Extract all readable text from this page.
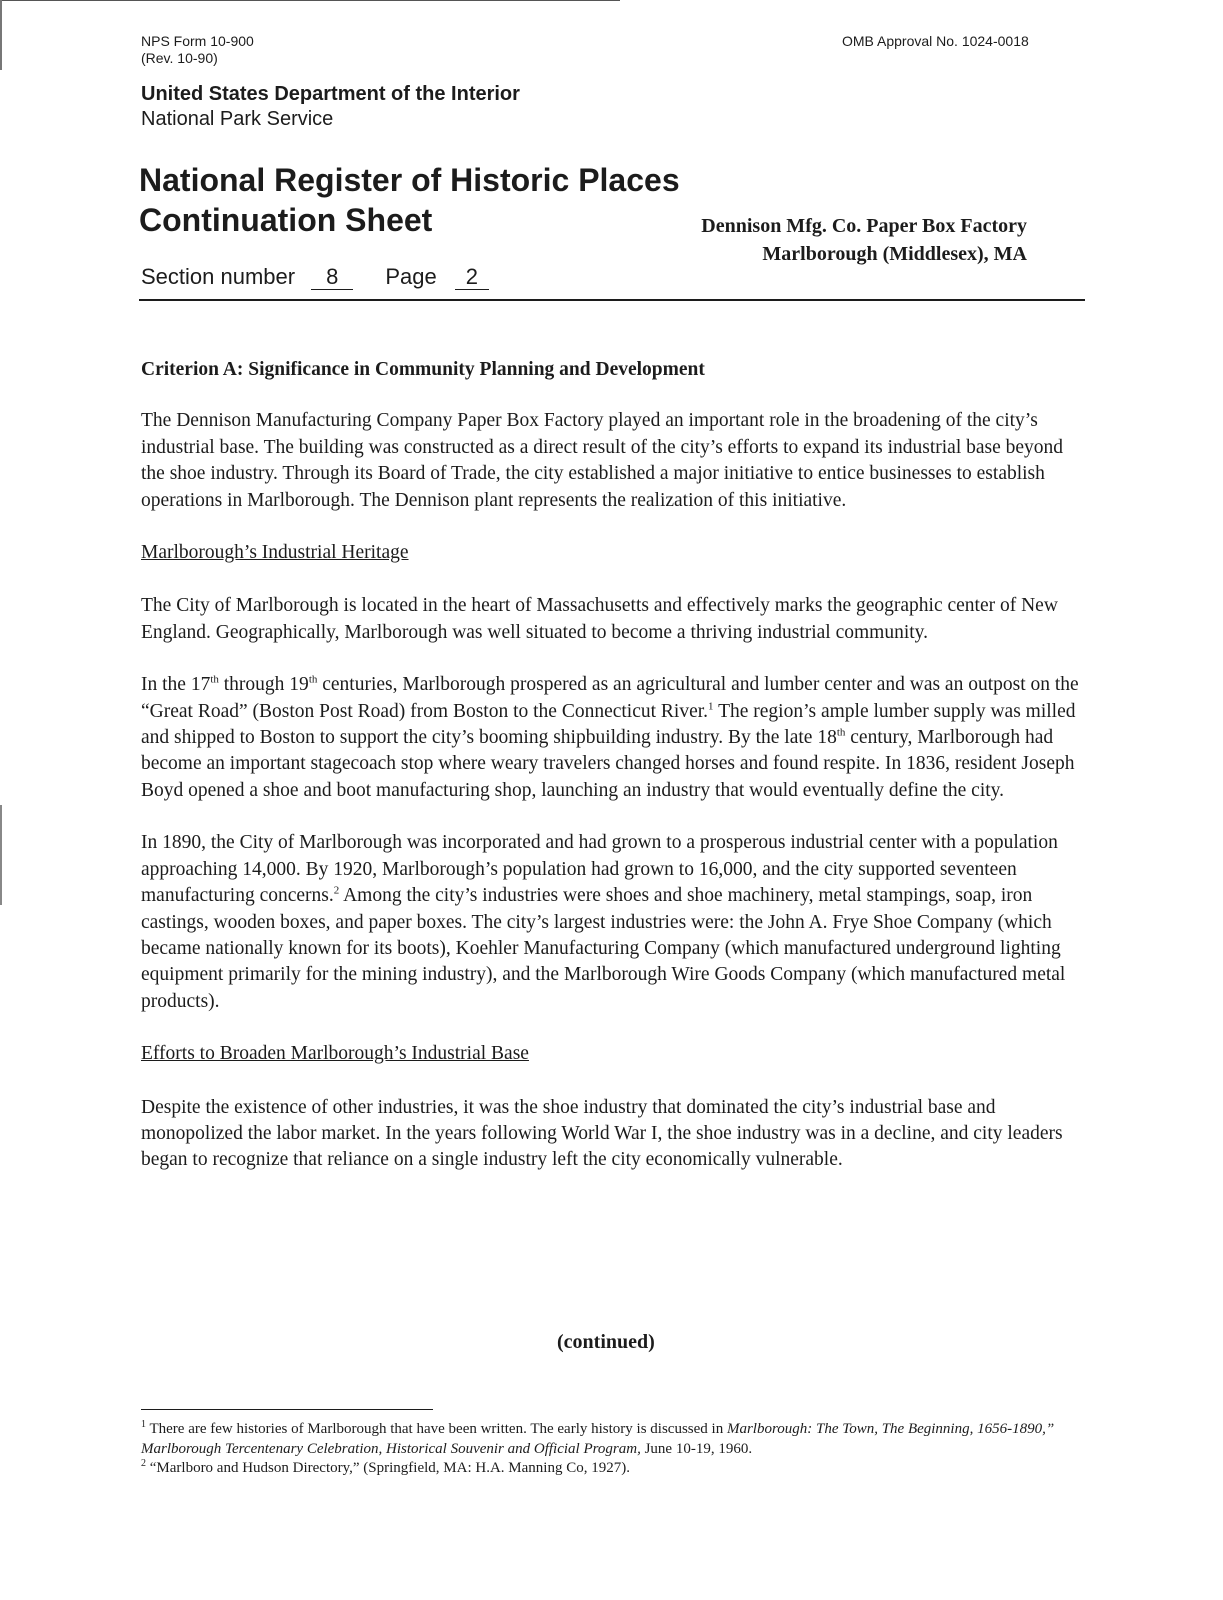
NPS Form 10-900
(Rev. 10-90)
OMB Approval No. 1024-0018
United States Department of the Interior
National Park Service
National Register of Historic Places
Continuation Sheet	Dennison Mfg. Co. Paper Box Factory
Marlborough (Middlesex), MA
Section number 8 Page 2

Criterion A: Significance in Community Planning and Development

The Dennison Manufacturing Company Paper Box Factory played an important role in the broadening of the city’s industrial base. The building was constructed as a direct result of the city’s efforts to expand its industrial base beyond the shoe industry. Through its Board of Trade, the city established a major initiative to entice businesses to establish operations in Marlborough. The Dennison plant represents the realization of this initiative.

Marlborough’s Industrial Heritage

The City of Marlborough is located in the heart of Massachusetts and effectively marks the geographic center of New England. Geographically, Marlborough was well situated to become a thriving industrial community.

In the 17th through 19th centuries, Marlborough prospered as an agricultural and lumber center and was an outpost on the “Great Road” (Boston Post Road) from Boston to the Connecticut River.$^1$ The region’s ample lumber supply was milled and shipped to Boston to support the city’s booming shipbuilding industry. By the late 18th century, Marlborough had become an important stagecoach stop where weary travelers changed horses and found respite. In 1836, resident Joseph Boyd opened a shoe and boot manufacturing shop, launching an industry that would eventually define the city.

In 1890, the City of Marlborough was incorporated and had grown to a prosperous industrial center with a population approaching 14,000. By 1920, Marlborough’s population had grown to 16,000, and the city supported seventeen manufacturing concerns.$^2$ Among the city’s industries were shoes and shoe machinery, metal stampings, soap, iron castings, wooden boxes, and paper boxes. The city’s largest industries were: the John A. Frye Shoe Company (which became nationally known for its boots), Koehler Manufacturing Company (which manufactured underground lighting equipment primarily for the mining industry), and the Marlborough Wire Goods Company (which manufactured metal products).

Efforts to Broaden Marlborough’s Industrial Base

Despite the existence of other industries, it was the shoe industry that dominated the city’s industrial base and monopolized the labor market. In the years following World War I, the shoe industry was in a decline, and city leaders began to recognize that reliance on a single industry left the city economically vulnerable.

(continued)

$^1$ There are few histories of Marlborough that have been written. The early history is discussed in Marlborough: The Town, The Beginning, 1656-1890,” Marlborough Tercentenary Celebration, Historical Souvenir and Official Program, June 10-19, 1960.

$^2$ “Marlboro and Hudson Directory,” (Springfield, MA: H.A. Manning Co, 1927).
